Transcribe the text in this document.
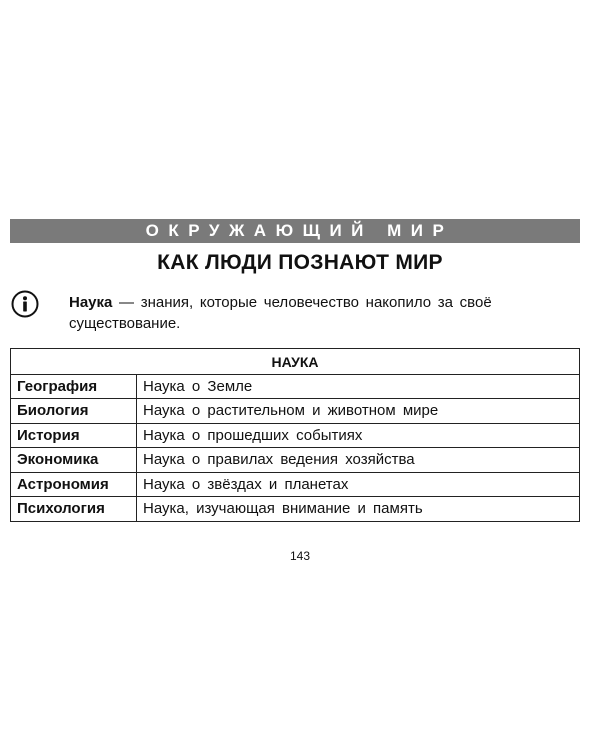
ОКРУЖАЮЩИЙ МИР
КАК ЛЮДИ ПОЗНАЮТ МИР
Наука — знания, которые человечество накопило за своё существование.
НАУКА	
География	Наука о Земле
Биология	Наука о растительном и животном мире
История	Наука о прошедших событиях
Экономика	Наука о правилах ведения хозяйства
Астрономия	Наука о звёздах и планетах
Психология	Наука, изучающая внимание и память
143
